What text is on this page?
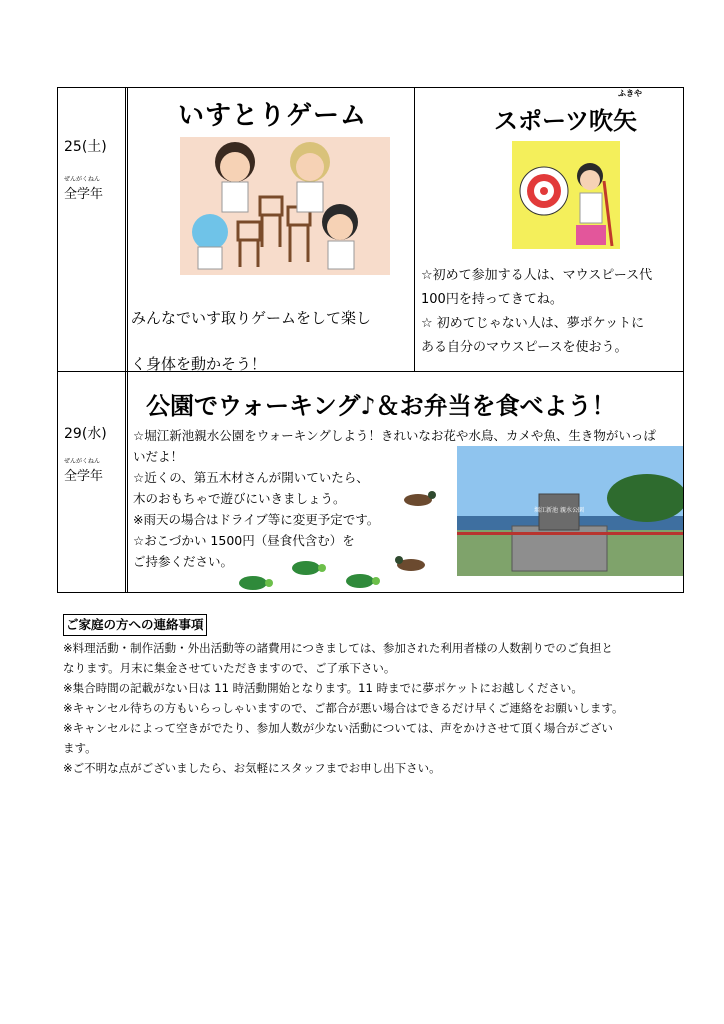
25(土)
ぜんがくねん
全学年
いすとりゲーム
みんなでいす取りゲームをして楽し
く身体を動かそう！
ふきや
スポーツ吹矢
☆初めて参加する人は、マウスピース代
100円を持ってきてね。
☆ 初めてじゃない人は、夢ポケットに
ある自分のマウスピースを使おう。
29(水)
ぜんがくねん
全学年
公園でウォーキング♪＆お弁当を食べよう！
☆堀江新池親水公園をウォーキングしよう！きれいなお花や水鳥、カメや魚、生き物がいっぱ
いだよ！
☆近くの、第五木材さんが開いていたら、
木のおもちゃで遊びにいきましょう。
※雨天の場合はドライブ等に変更予定です。
☆おこづかい 1500円（昼食代含む）を
ご持参ください。
堀江新池 親水公園
ご家庭の方への連絡事項
※料理活動・制作活動・外出活動等の諸費用につきましては、参加された利用者様の人数割りでのご負担と
なります。月末に集金させていただきますので、ご了承下さい。
※集合時間の記載がない日は 11 時活動開始となります。11 時までに夢ポケットにお越しください。
※キャンセル待ちの方もいらっしゃいますので、ご都合が悪い場合はできるだけ早くご連絡をお願いします。
※キャンセルによって空きがでたり、参加人数が少ない活動については、声をかけさせて頂く場合がござい
ます。
※ご不明な点がございましたら、お気軽にスタッフまでお申し出下さい。
